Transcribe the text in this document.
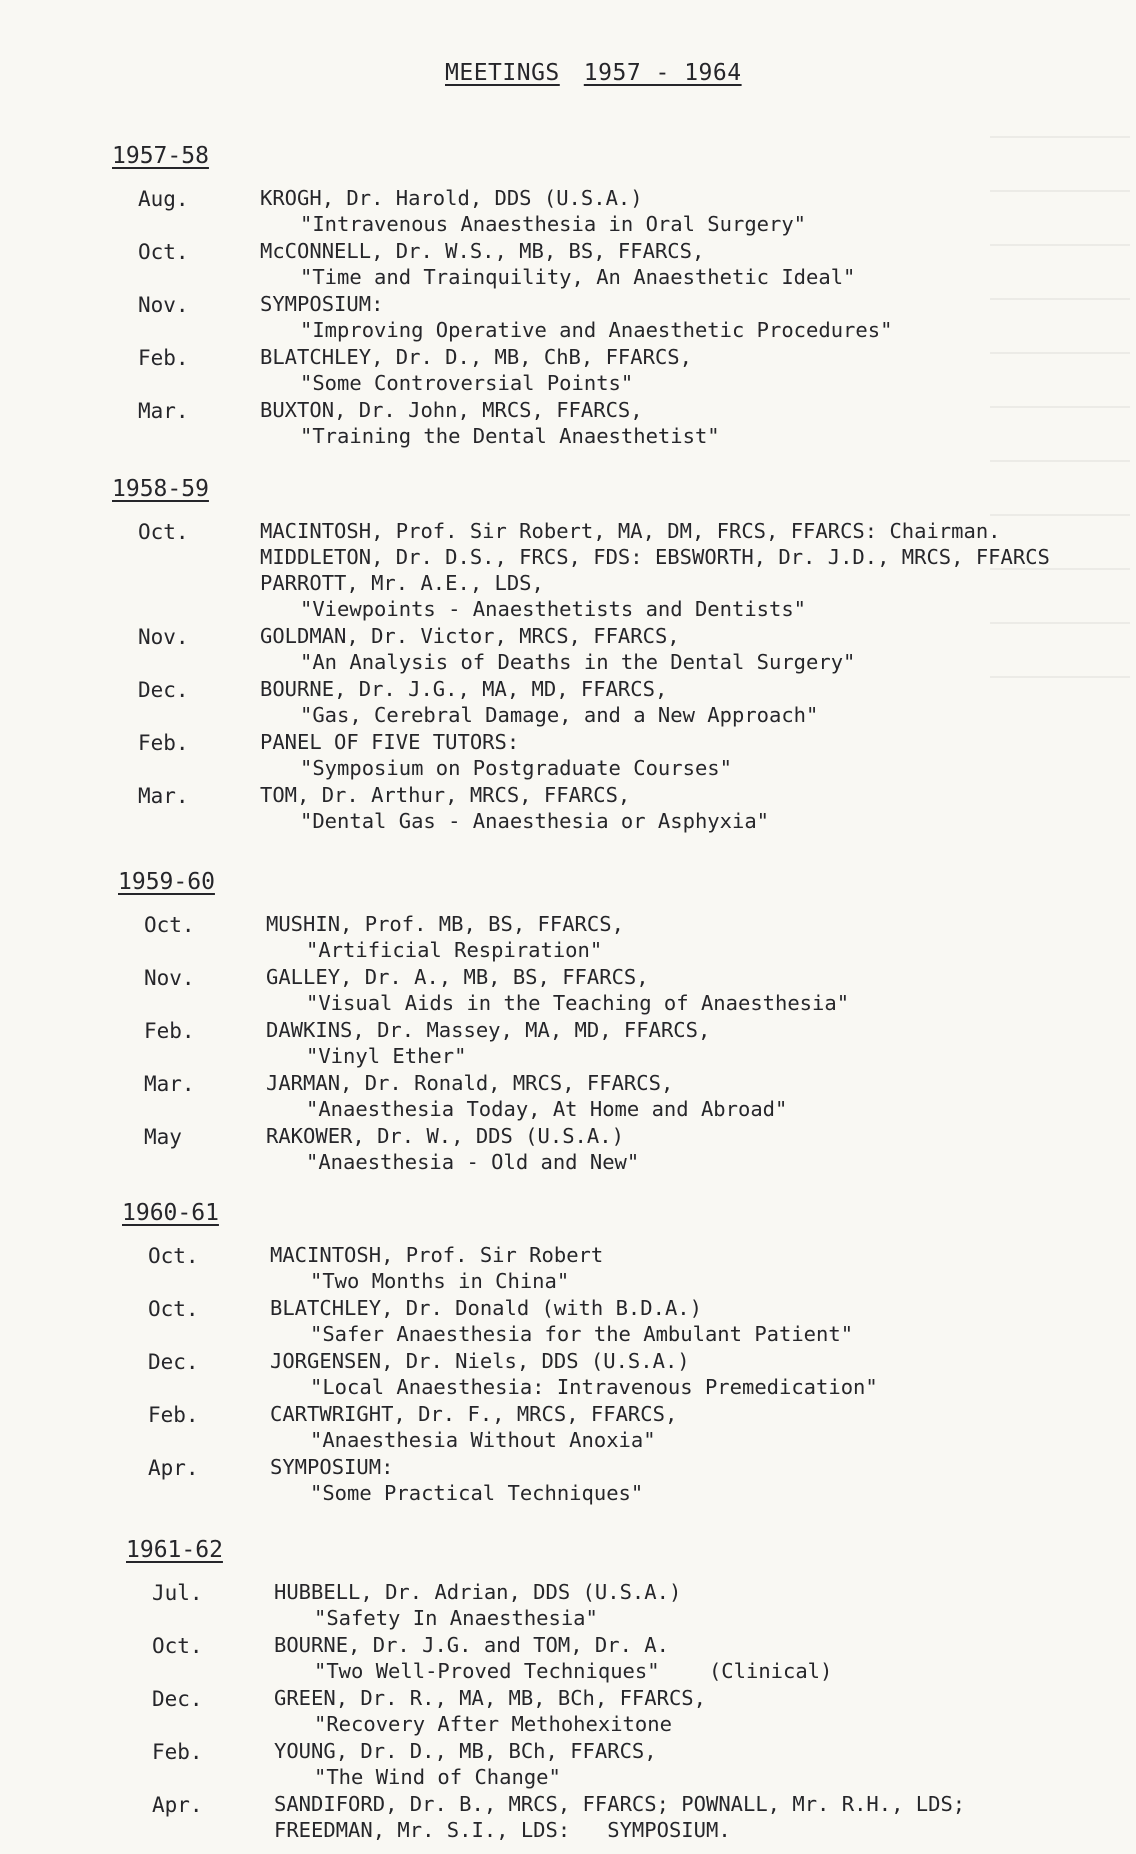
MEETINGS 1957 - 1964
1957-58
Aug.	KROGH, Dr. Harold, DDS (U.S.A.)
"Intravenous Anaesthesia in Oral Surgery"
Oct.	McCONNELL, Dr. W.S., MB, BS, FFARCS,
"Time and Trainquility, An Anaesthetic Ideal"
Nov.	SYMPOSIUM:
"Improving Operative and Anaesthetic Procedures"
Feb.	BLATCHLEY, Dr. D., MB, ChB, FFARCS,
"Some Controversial Points"
Mar.	BUXTON, Dr. John, MRCS, FFARCS,
"Training the Dental Anaesthetist"
1958-59
Oct.	MACINTOSH, Prof. Sir Robert, MA, DM, FRCS, FFARCS: Chairman.
MIDDLETON, Dr. D.S., FRCS, FDS: EBSWORTH, Dr. J.D., MRCS, FFARCS
PARROTT, Mr. A.E., LDS,
"Viewpoints - Anaesthetists and Dentists"
Nov.	GOLDMAN, Dr. Victor, MRCS, FFARCS,
"An Analysis of Deaths in the Dental Surgery"
Dec.	BOURNE, Dr. J.G., MA, MD, FFARCS,
"Gas, Cerebral Damage, and a New Approach"
Feb.	PANEL OF FIVE TUTORS:
"Symposium on Postgraduate Courses"
Mar.	TOM, Dr. Arthur, MRCS, FFARCS,
"Dental Gas - Anaesthesia or Asphyxia"
1959-60
Oct.	MUSHIN, Prof. MB, BS, FFARCS,
"Artificial Respiration"
Nov.	GALLEY, Dr. A., MB, BS, FFARCS,
"Visual Aids in the Teaching of Anaesthesia"
Feb.	DAWKINS, Dr. Massey, MA, MD, FFARCS,
"Vinyl Ether"
Mar.	JARMAN, Dr. Ronald, MRCS, FFARCS,
"Anaesthesia Today, At Home and Abroad"
May	RAKOWER, Dr. W., DDS (U.S.A.)
"Anaesthesia - Old and New"
1960-61
Oct.	MACINTOSH, Prof. Sir Robert
"Two Months in China"
Oct.	BLATCHLEY, Dr. Donald (with B.D.A.)
"Safer Anaesthesia for the Ambulant Patient"
Dec.	JORGENSEN, Dr. Niels, DDS (U.S.A.)
"Local Anaesthesia: Intravenous Premedication"
Feb.	CARTWRIGHT, Dr. F., MRCS, FFARCS,
"Anaesthesia Without Anoxia"
Apr.	SYMPOSIUM:
"Some Practical Techniques"
1961-62
Jul.	HUBBELL, Dr. Adrian, DDS (U.S.A.)
"Safety In Anaesthesia"
Oct.	BOURNE, Dr. J.G. and TOM, Dr. A.
"Two Well-Proved Techniques"    (Clinical)
Dec.	GREEN, Dr. R., MA, MB, BCh, FFARCS,
"Recovery After Methohexitone
Feb.	YOUNG, Dr. D., MB, BCh, FFARCS,
"The Wind of Change"
Apr.	SANDIFORD, Dr. B., MRCS, FFARCS; POWNALL, Mr. R.H., LDS;
FREEDMAN, Mr. S.I., LDS:   SYMPOSIUM.
